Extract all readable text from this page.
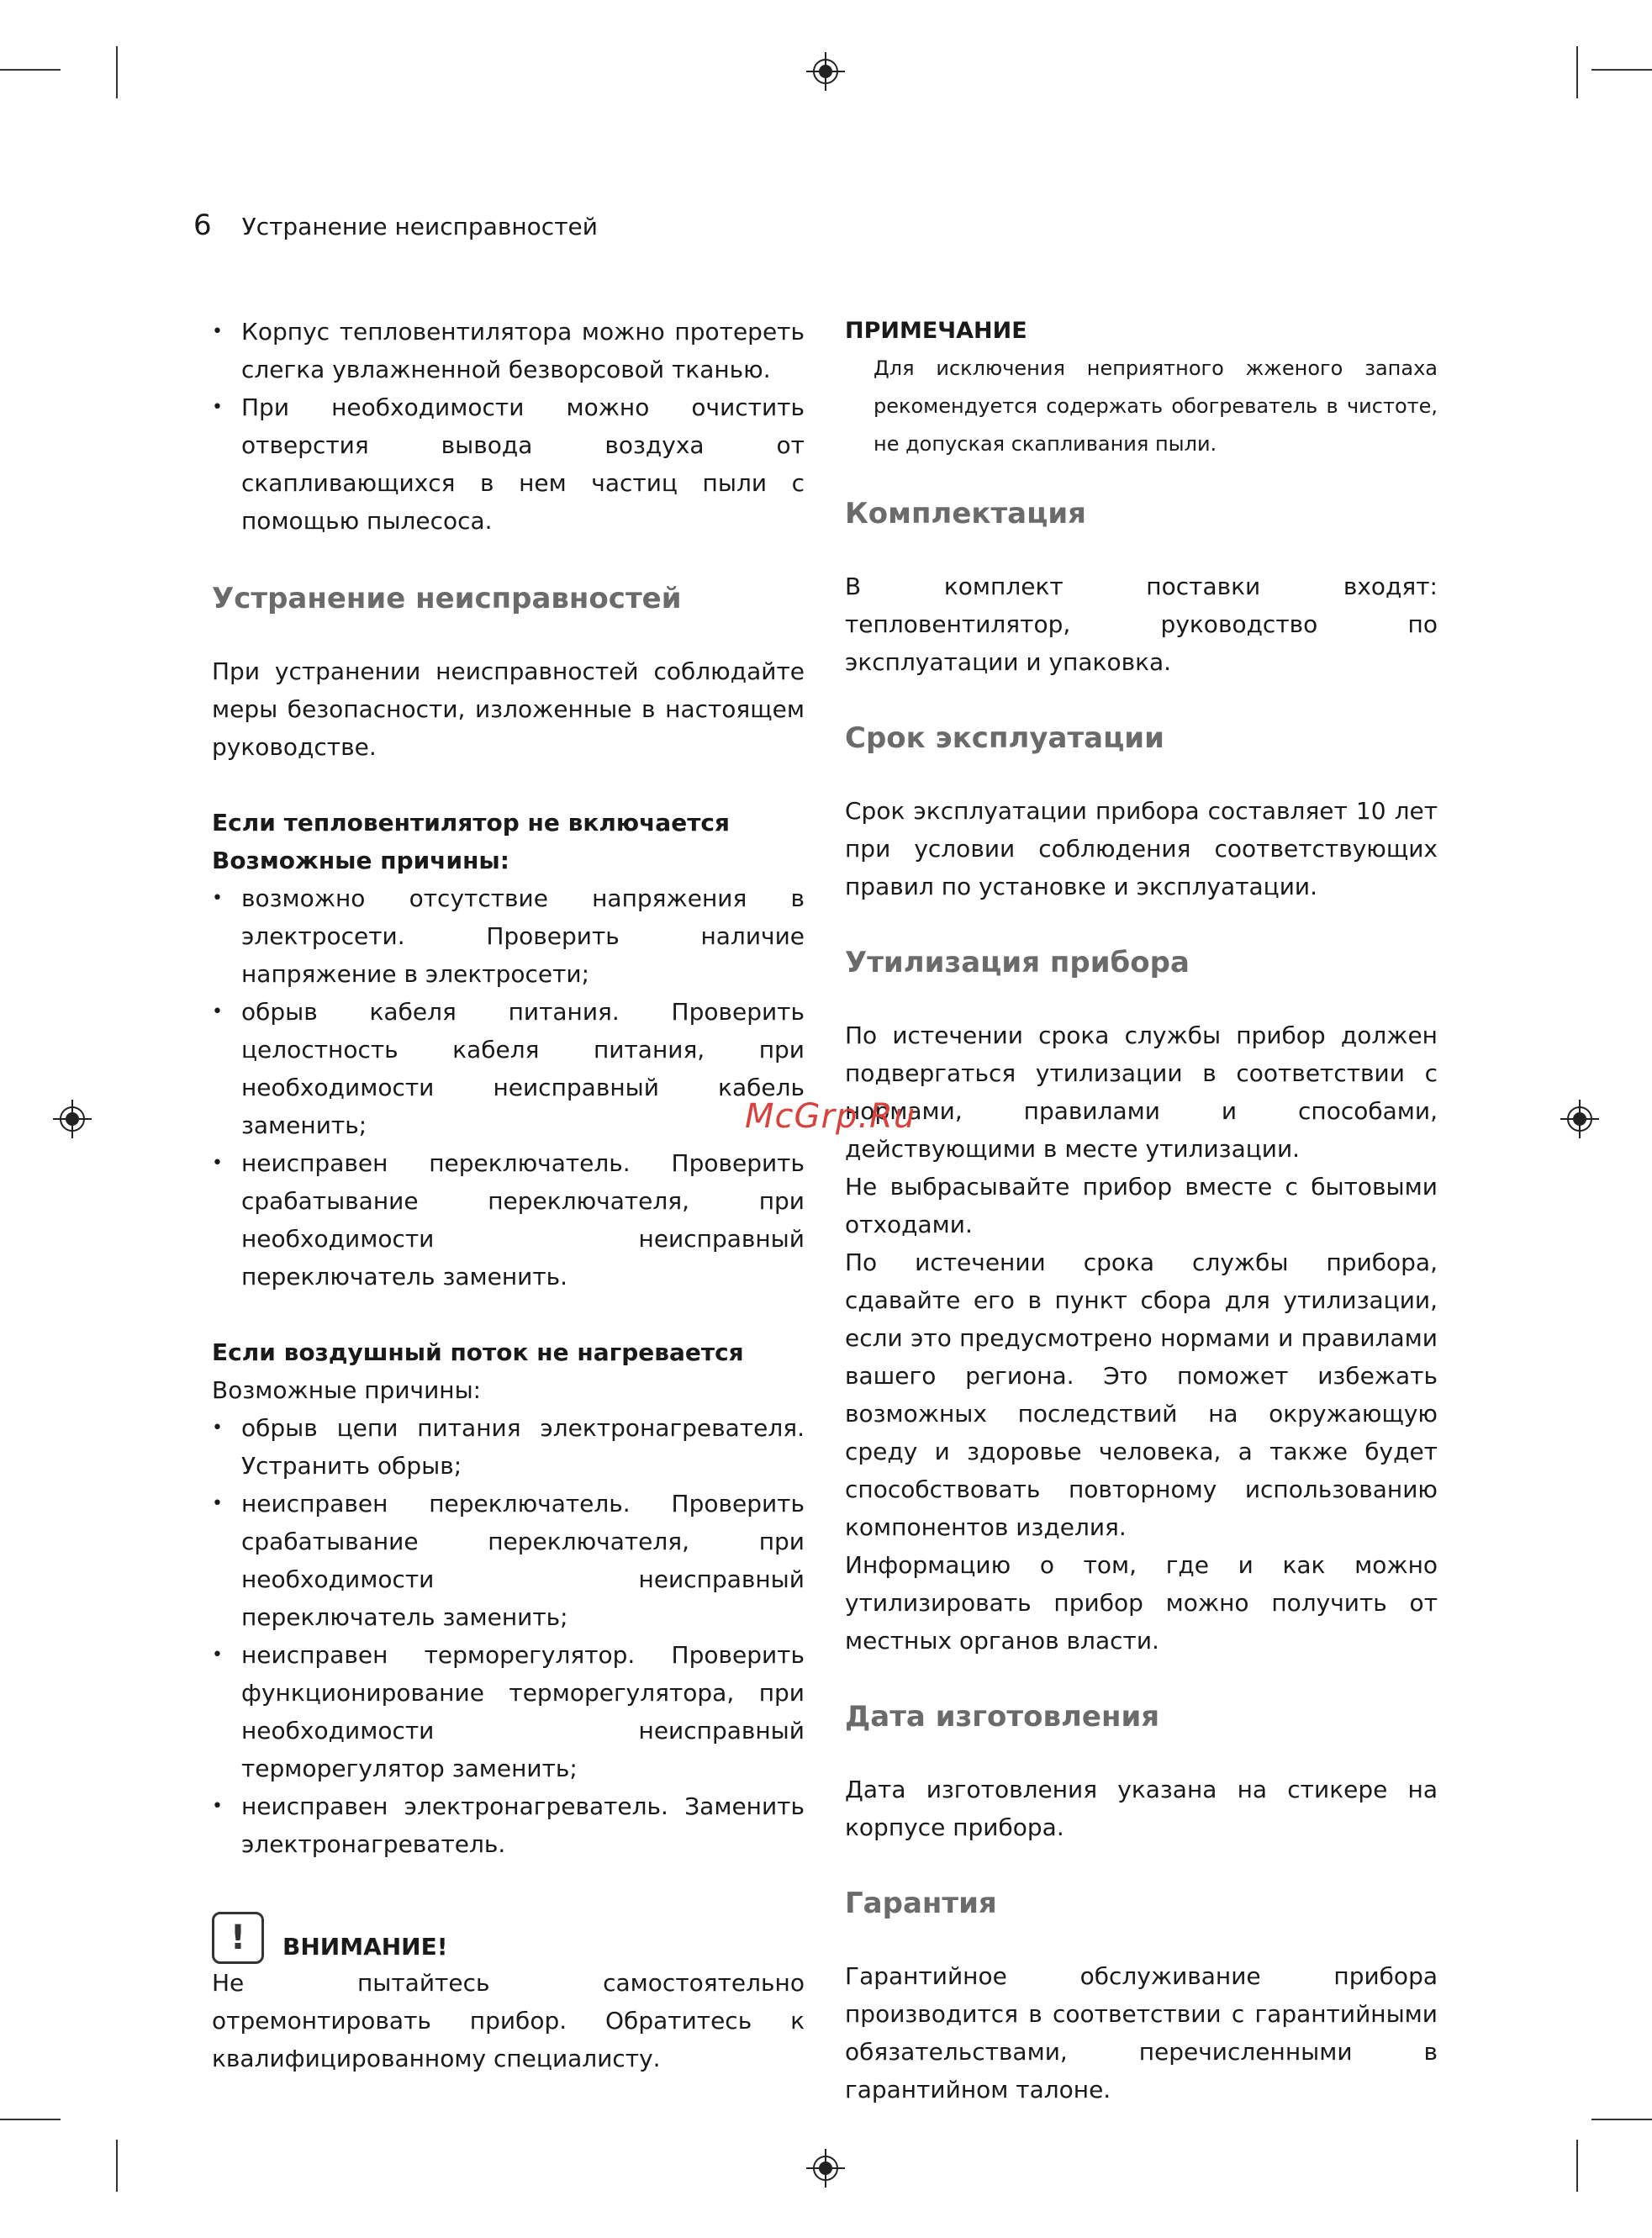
6 Устранение неисправностей
• Корпус тепловентилятора можно протереть слегка увлажненной безворсовой тканью.
• При необходимости можно очистить отверстия вывода воздуха от скапливающихся в нем частиц пыли с помощью пылесоса.
Устранение неисправностей

При устранении неисправностей соблюдайте меры безопасности, изложенные в настоящем руководстве.

Если тепловентилятор не включается

Возможные причины:

• возможно отсутствие напряжения в электросети. Проверить наличие напряжение в электросети;
• обрыв кабеля питания. Проверить целостность кабеля питания, при необходимости неисправный кабель заменить;
• неисправен переключатель. Проверить срабатывание переключателя, при необходимости неисправный переключатель заменить.

Если воздушный поток не нагревается

Возможные причины:

• обрыв цепи питания электронагревателя. Устранить обрыв;
• неисправен переключатель. Проверить срабатывание переключателя, при необходимости неисправный переключатель заменить;
• неисправен терморегулятор. Проверить функционирование терморегулятора, при необходимости неисправный терморегулятор заменить;
• неисправен электронагреватель. Заменить электронагреватель.
!	ВНИМАНИЕ!

Не пытайтесь самостоятельно отремонтировать прибор. Обратитесь к квалифицированному специалисту.

ПРИМЕЧАНИЕ

Для исключения неприятного жженого запаха рекомендуется содержать обогреватель в чистоте, не допуская скапливания пыли.

Комплектация

В комплект поставки входят: тепловентилятор, руководство по эксплуатации и упаковка.

Срок эксплуатации

Срок эксплуатации прибора составляет 10 лет при условии соблюдения соответствующих правил по установке и эксплуатации.

Утилизация прибора

По истечении срока службы прибор должен подвергаться утилизации в соответствии с нормами, правилами и способами, действующими в месте утилизации.

Не выбрасывайте прибор вместе с бытовыми отходами.

По истечении срока службы прибора, сдавайте его в пункт сбора для утилизации, если это предусмотрено нормами и правилами вашего региона. Это поможет избежать возможных последствий на окружающую среду и здоровье человека, а также будет способствовать повторному использованию компонентов изделия.

Информацию о том, где и как можно утилизировать прибор можно получить от местных органов власти.

Дата изготовления

Дата изготовления указана на стикере на корпусе прибора.

Гарантия

Гарантийное обслуживание прибора производится в соответствии с гарантийными обязательствами, перечисленными в гарантийном талоне.

McGrp.Ru
